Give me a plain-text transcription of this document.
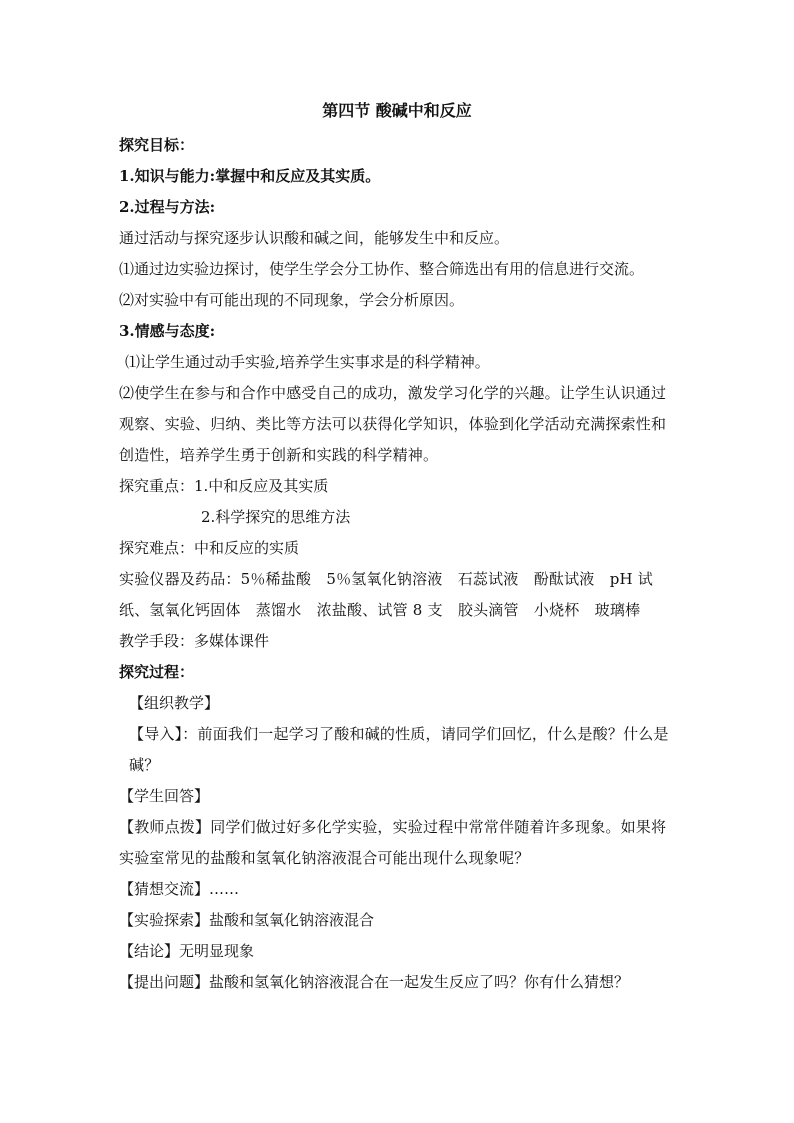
第四节 酸碱中和反应

探究目标：

1.知识与能力:掌握中和反应及其实质。

2.过程与方法:

通过活动与探究逐步认识酸和碱之间，能够发生中和反应。

⑴通过边实验边探讨，使学生学会分工协作、整合筛选出有用的信息进行交流。

⑵对实验中有可能出现的不同现象，学会分析原因。

3.情感与态度:

⑴让学生通过动手实验,培养学生实事求是的科学精神。

⑵使学生在参与和合作中感受自己的成功，激发学习化学的兴趣。让学生认识通过观察、实验、归纳、类比等方法可以获得化学知识，体验到化学活动充满探索性和创造性，培养学生勇于创新和实践的科学精神。

探究重点：1.中和反应及其实质

2.科学探究的思维方法

探究难点：中和反应的实质

实验仪器及药品：5％稀盐酸　5％氢氧化钠溶液　石蕊试液　酚酞试液　pH 试纸、氢氧化钙固体　蒸馏水　浓盐酸、试管 8 支　胶头滴管　小烧杯　玻璃棒

教学手段：多媒体课件

探究过程：

【组织教学】

【导入】：前面我们一起学习了酸和碱的性质，请同学们回忆，什么是酸？什么是碱？

【学生回答】

【教师点拨】同学们做过好多化学实验，实验过程中常常伴随着许多现象。如果将实验室常见的盐酸和氢氧化钠溶液混合可能出现什么现象呢？

【猜想交流】……

【实验探索】盐酸和氢氧化钠溶液混合

【结论】无明显现象

【提出问题】盐酸和氢氧化钠溶液混合在一起发生反应了吗？你有什么猜想？
